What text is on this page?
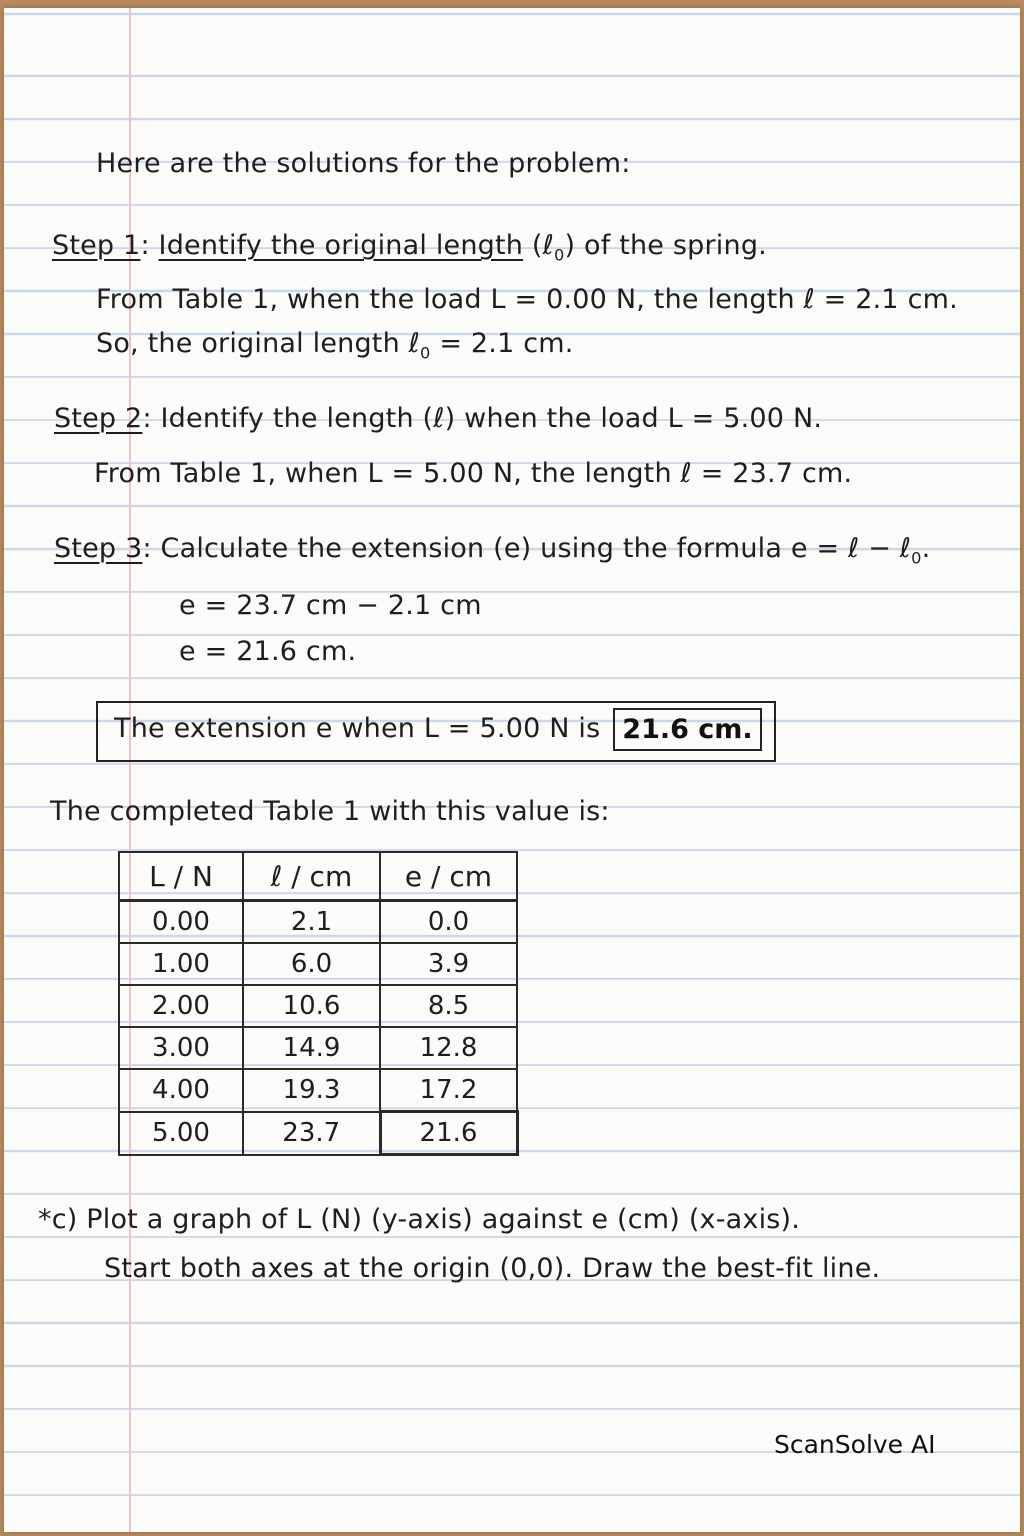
Here are the solutions for the problem:
Step 1: Identify the original length (ℓ$_0$) of the spring.
From Table 1, when the load L = 0.00 N, the length ℓ = 2.1 cm.
So, the original length ℓ$_0$ = 2.1 cm.
Step 2: Identify the length (ℓ) when the load L = 5.00 N.
From Table 1, when L = 5.00 N, the length ℓ = 23.7 cm.
Step 3: Calculate the extension (e) using the formula e = ℓ − ℓ$_0$.
e = 23.7 cm − 2.1 cm
e = 21.6 cm.
The extension e when L = 5.00 N is 21.6 cm.
The completed Table 1 with this value is:
L / N	ℓ / cm	e / cm
0.00	2.1	0.0
1.00	6.0	3.9
2.00	10.6	8.5
3.00	14.9	12.8
4.00	19.3	17.2
5.00	23.7	21.6
*c) Plot a graph of L (N) (y-axis) against e (cm) (x-axis).
Start both axes at the origin (0,0). Draw the best-fit line.
ScanSolve AI
